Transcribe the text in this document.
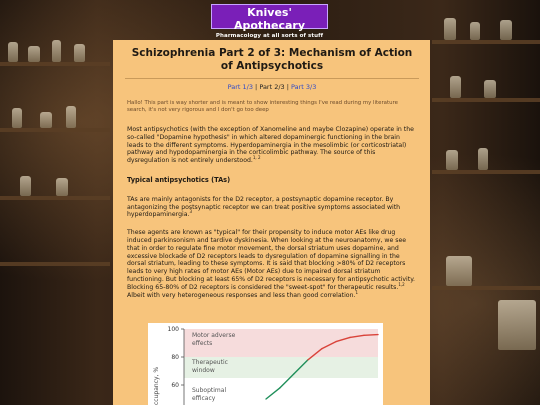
Knives' Apothecary
Pharmacology at all sorts of stuff
Schizophrenia Part 2 of 3: Mechanism of Action of Antipsychotics
Part 1/3 | Part 2/3 | Part 3/3
Hallo! This part is way shorter and is meant to show interesting things I've read during my literature search, it's not very rigorous and I don't go too deep

Most antipsychotics (with the exception of Xanomeline and maybe Clozapine) operate in the so-called "Dopamine hypothesis" in which altered dopaminergic functioning in the brain leads to the different symptoms. Hyperdopaminergia in the mesolimbic (or corticostriatal) pathway and hypodopaminergia in the corticolimbic pathway. The source of this dysregulation is not entirely understood.$^{1, 2}$

Typical antipsychotics (TAs)

TAs are mainly antagonists for the D2 receptor, a postsynaptic dopamine receptor. By antagonizing the postsynaptic receptor we can treat positive symptoms associated with hyperdopaminergia.$^3$

These agents are known as "typical" for their propensity to induce motor AEs like drug induced parkinsonism and tardive dyskinesia. When looking at the neuroanatomy, we see that in order to regulate fine motor movement, the dorsal striatum uses dopamine, and excessive blockade of D2 receptors leads to dysregulation of dopamine signalling in the dorsal striatum, leading to these symptoms. It is said that blocking >80% of D2 receptors leads to very high rates of motor AEs (Motor AEs) due to impaired dorsal striatum functioning. But blocking at least 65% of D2 receptors is necessary for antipsychotic activity. Blocking 65-80% of D2 receptors is considered the "sweet-spot" for therapeutic results.$^{1,2}$ Albeit with very heterogeneous responses and less than good correlation.$^1$

100
80
60
Motor adverse
effects
Therapeutic
window
Suboptimal
efficacy
ccupancy, %
